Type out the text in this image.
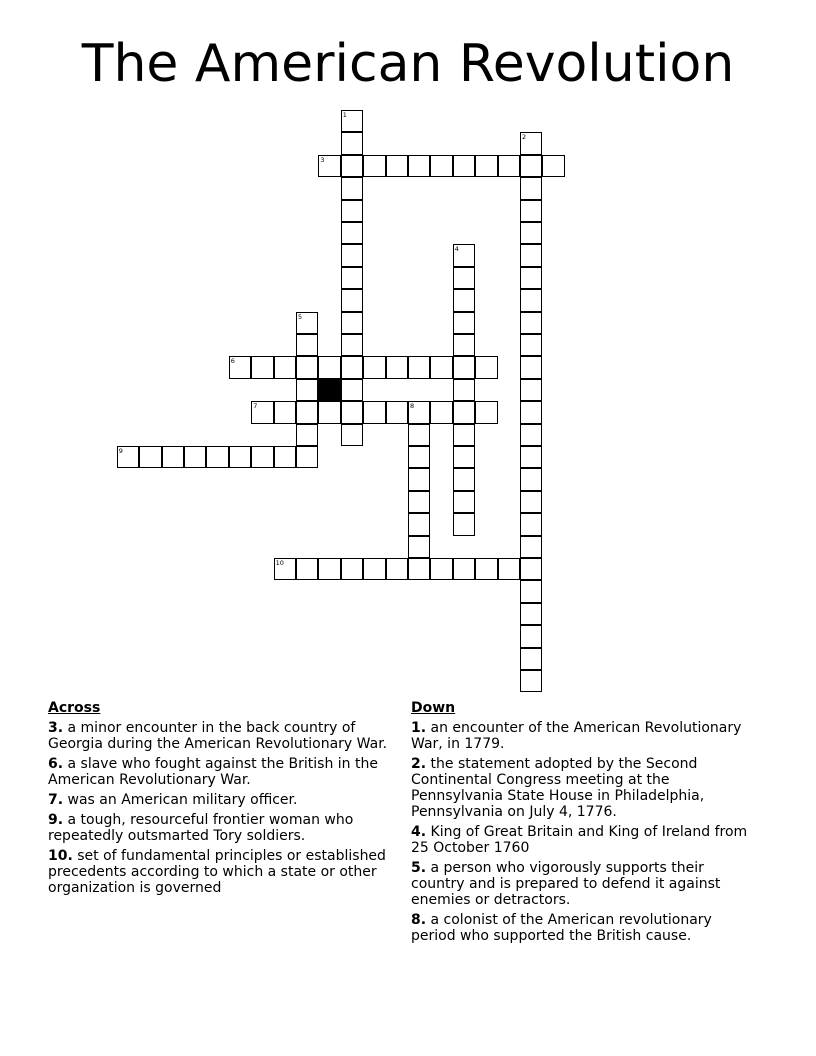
The American Revolution
1
2
3
4
5
6
7	8
9
10
Across
3. a minor encounter in the back country of Georgia during the American Revolutionary War.
6. a slave who fought against the British in the American Revolutionary War.
7. was an American military officer.
9. a tough, resourceful frontier woman who repeatedly outsmarted Tory soldiers.
10. set of fundamental principles or established precedents according to which a state or other organization is governed
Down
1. an encounter of the American Revolutionary War, in 1779.
2. the statement adopted by the Second Continental Congress meeting at the Pennsylvania State House in Philadelphia, Pennsylvania on July 4, 1776.
4. King of Great Britain and King of Ireland from 25 October 1760
5. a person who vigorously supports their country and is prepared to defend it against enemies or detractors.
8. a colonist of the American revolutionary period who supported the British cause.
